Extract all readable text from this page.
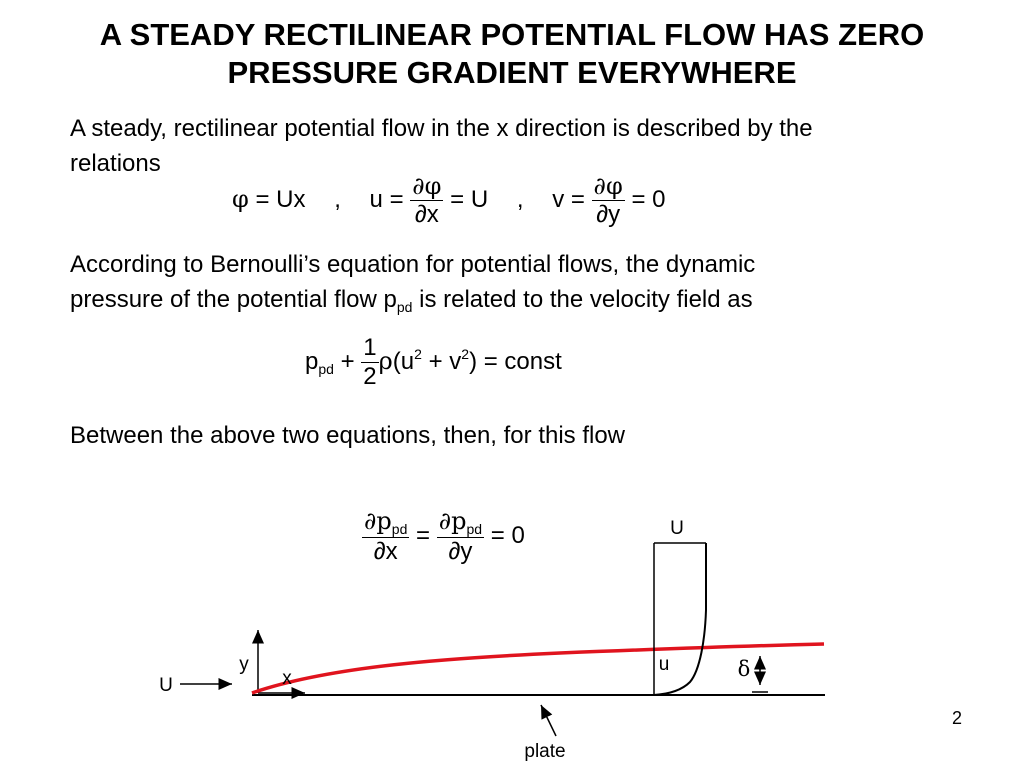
A STEADY RECTILINEAR POTENTIAL FLOW HAS ZERO
PRESSURE GRADIENT EVERYWHERE
A steady, rectilinear potential flow in the x direction is described by the
relations
φ = Ux , $u = \frac{\partial\varphi}{\partial x} = U$ , $v = \frac{\partial\varphi}{\partial y} = 0$
According to Bernoulli’s equation for potential flows, the dynamic
pressure of the potential flow $p_{pd}$ is related to the velocity field as
$p_{pd} + \frac{1}{2} \rho(u^2 + v^2)$ = const
Between the above two equations, then, for this flow
$\frac{\partial p_{pd}}{\partial x} = \frac{\partial p_{pd}}{\partial y} = 0$	U
y
x
U
u	δ
plate
2
